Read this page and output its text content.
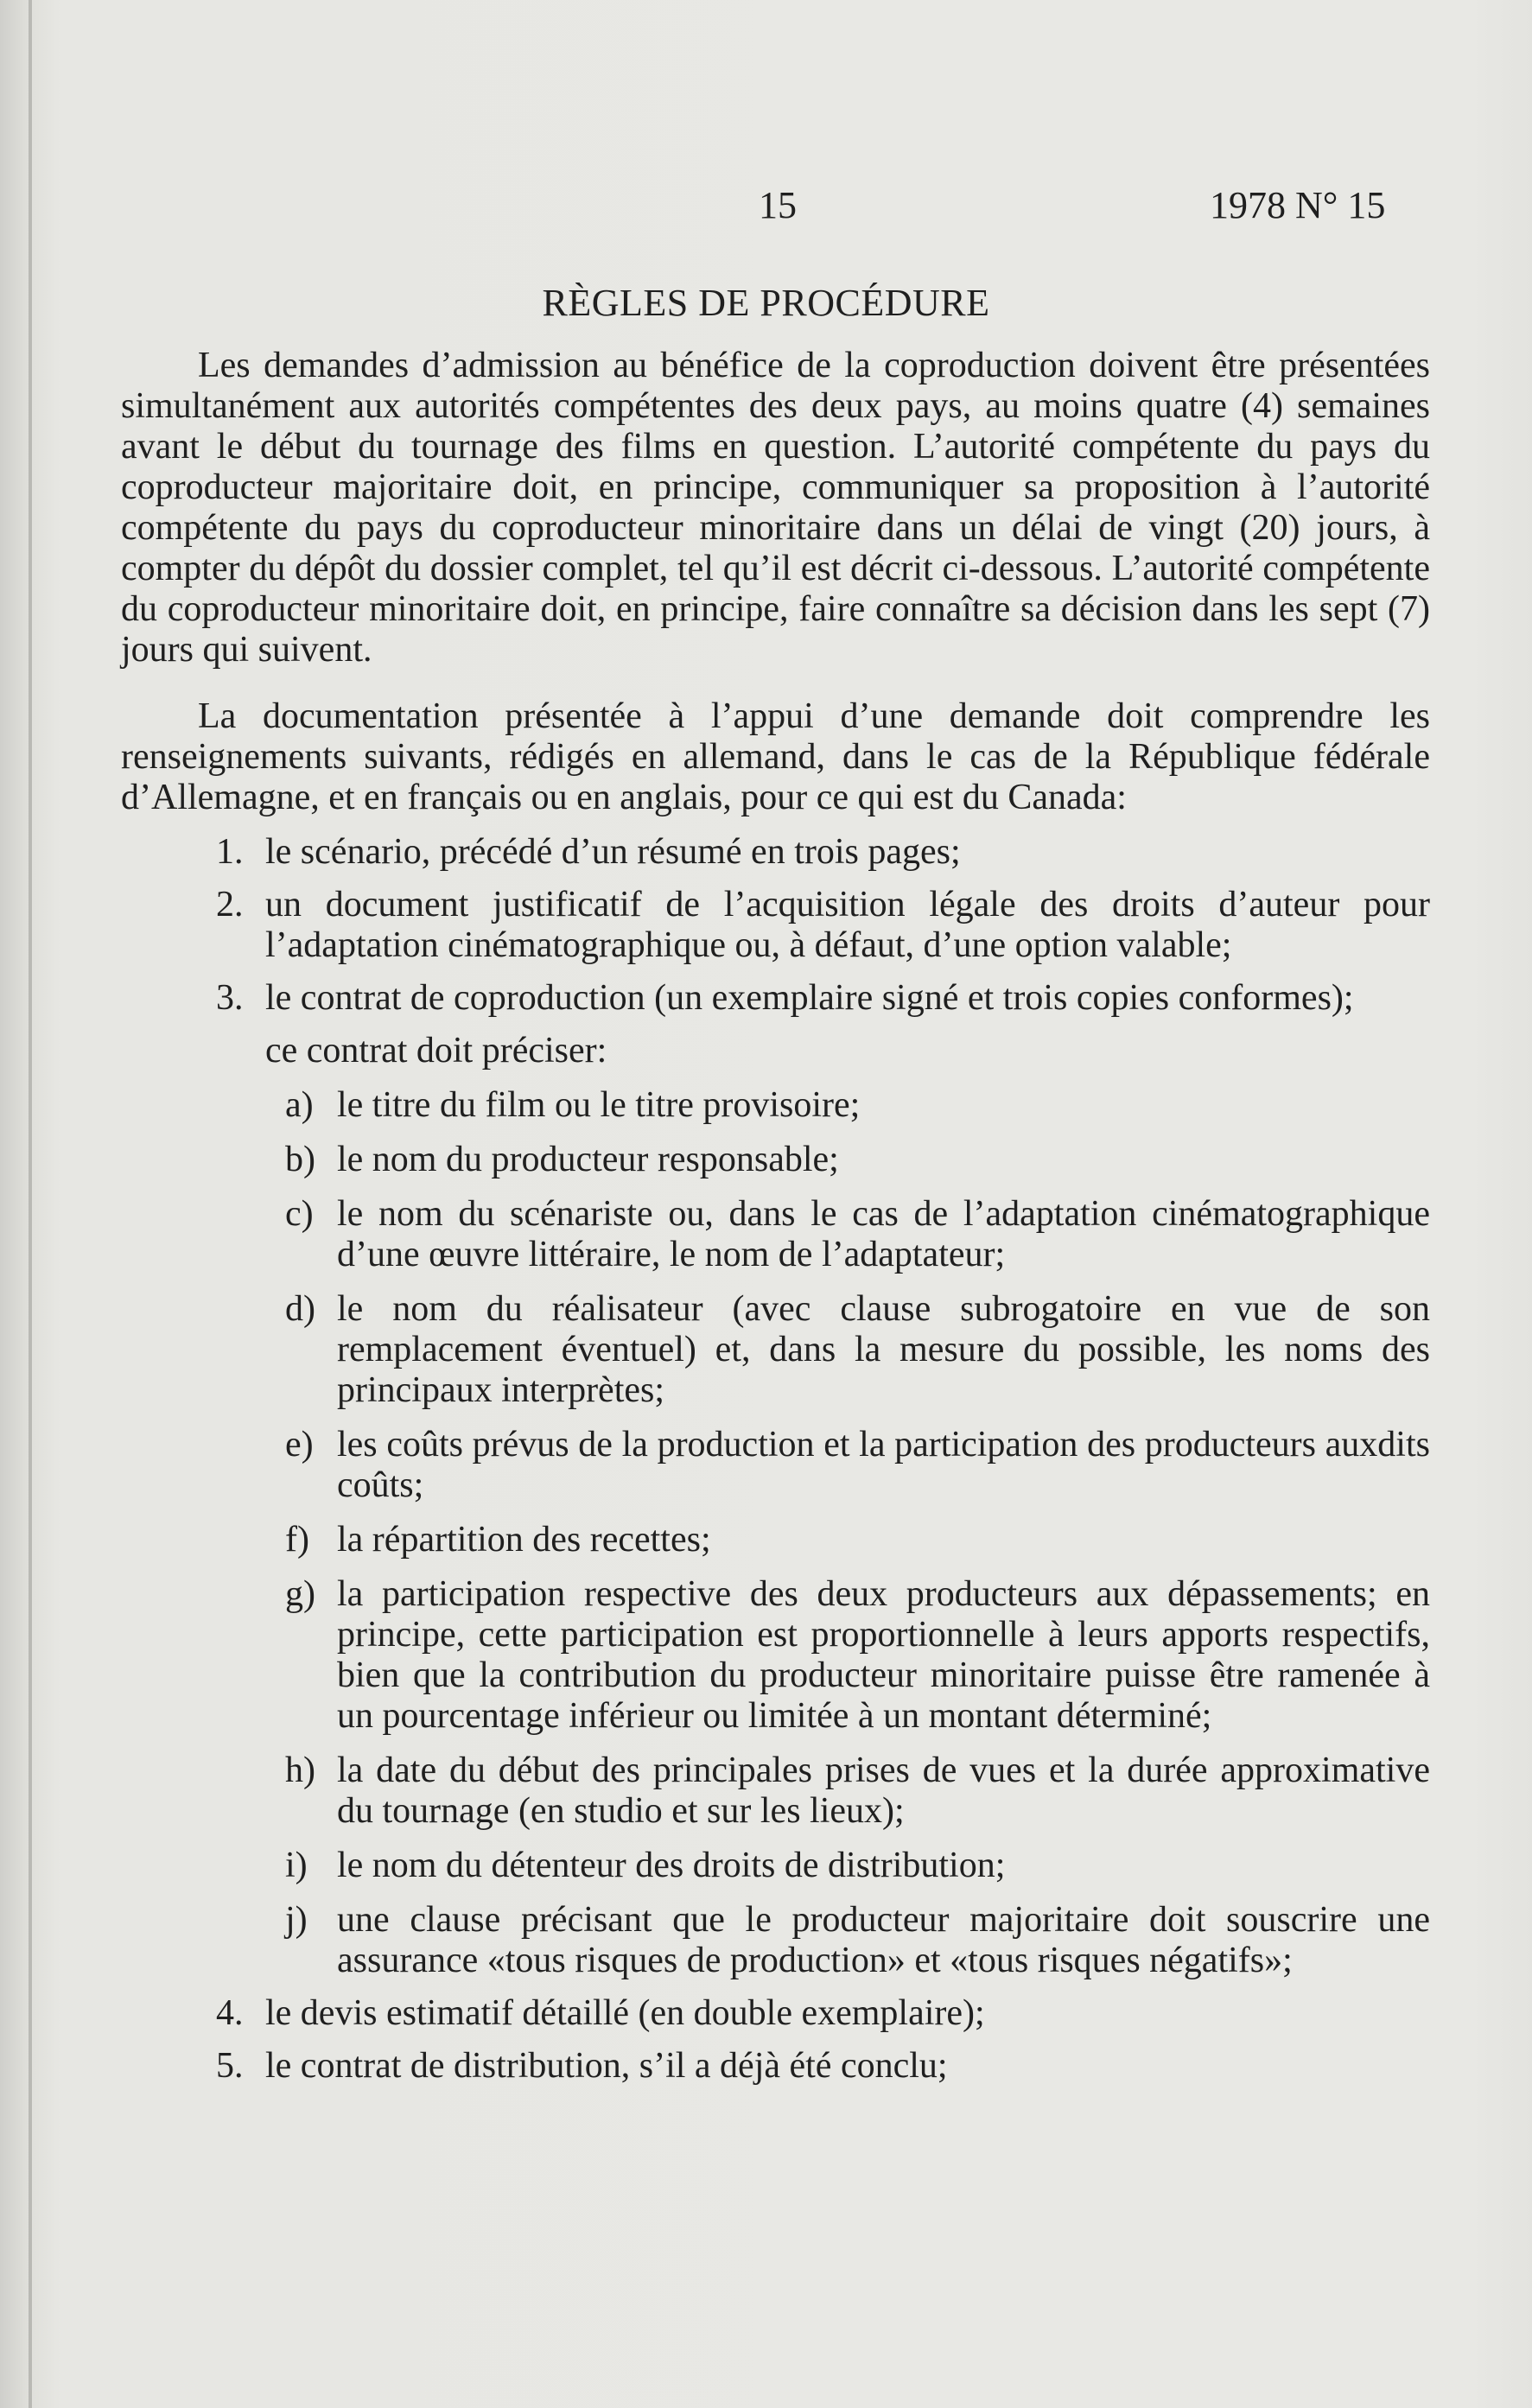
15	1978 N° 15
RÈGLES DE PROCÉDURE

Les demandes d’admission au bénéfice de la coproduction doivent être présentées simultanément aux autorités compétentes des deux pays, au moins quatre (4) semaines avant le début du tournage des films en question. L’autorité compétente du pays du coproducteur majoritaire doit, en principe, communiquer sa proposition à l’autorité compétente du pays du coproducteur minoritaire dans un délai de vingt (20) jours, à compter du dépôt du dossier complet, tel qu’il est décrit ci-dessous. L’autorité compétente du coproducteur minoritaire doit, en principe, faire connaître sa décision dans les sept (7) jours qui suivent.

La documentation présentée à l’appui d’une demande doit comprendre les renseignements suivants, rédigés en allemand, dans le cas de la République fédérale d’Allemagne, et en français ou en anglais, pour ce qui est du Canada:

1. le scénario, précédé d’un résumé en trois pages;
2. un document justificatif de l’acquisition légale des droits d’auteur pour l’adaptation cinématographique ou, à défaut, d’une option valable;
3. le contrat de coproduction (un exemplaire signé et trois copies conformes);
ce contrat doit préciser:
a) le titre du film ou le titre provisoire;
b) le nom du producteur responsable;
c) le nom du scénariste ou, dans le cas de l’adaptation cinématographique d’une œuvre littéraire, le nom de l’adaptateur;
d) le nom du réalisateur (avec clause subrogatoire en vue de son remplacement éventuel) et, dans la mesure du possible, les noms des principaux interprètes;
e) les coûts prévus de la production et la participation des producteurs auxdits coûts;
f) la répartition des recettes;
g) la participation respective des deux producteurs aux dépassements; en principe, cette participation est proportionnelle à leurs apports respectifs, bien que la contribution du producteur minoritaire puisse être ramenée à un pourcentage inférieur ou limitée à un montant déterminé;
h) la date du début des principales prises de vues et la durée approximative du tournage (en studio et sur les lieux);
i) le nom du détenteur des droits de distribution;
j) une clause précisant que le producteur majoritaire doit souscrire une assurance «tous risques de production» et «tous risques négatifs»;
4. le devis estimatif détaillé (en double exemplaire);
5. le contrat de distribution, s’il a déjà été conclu;
